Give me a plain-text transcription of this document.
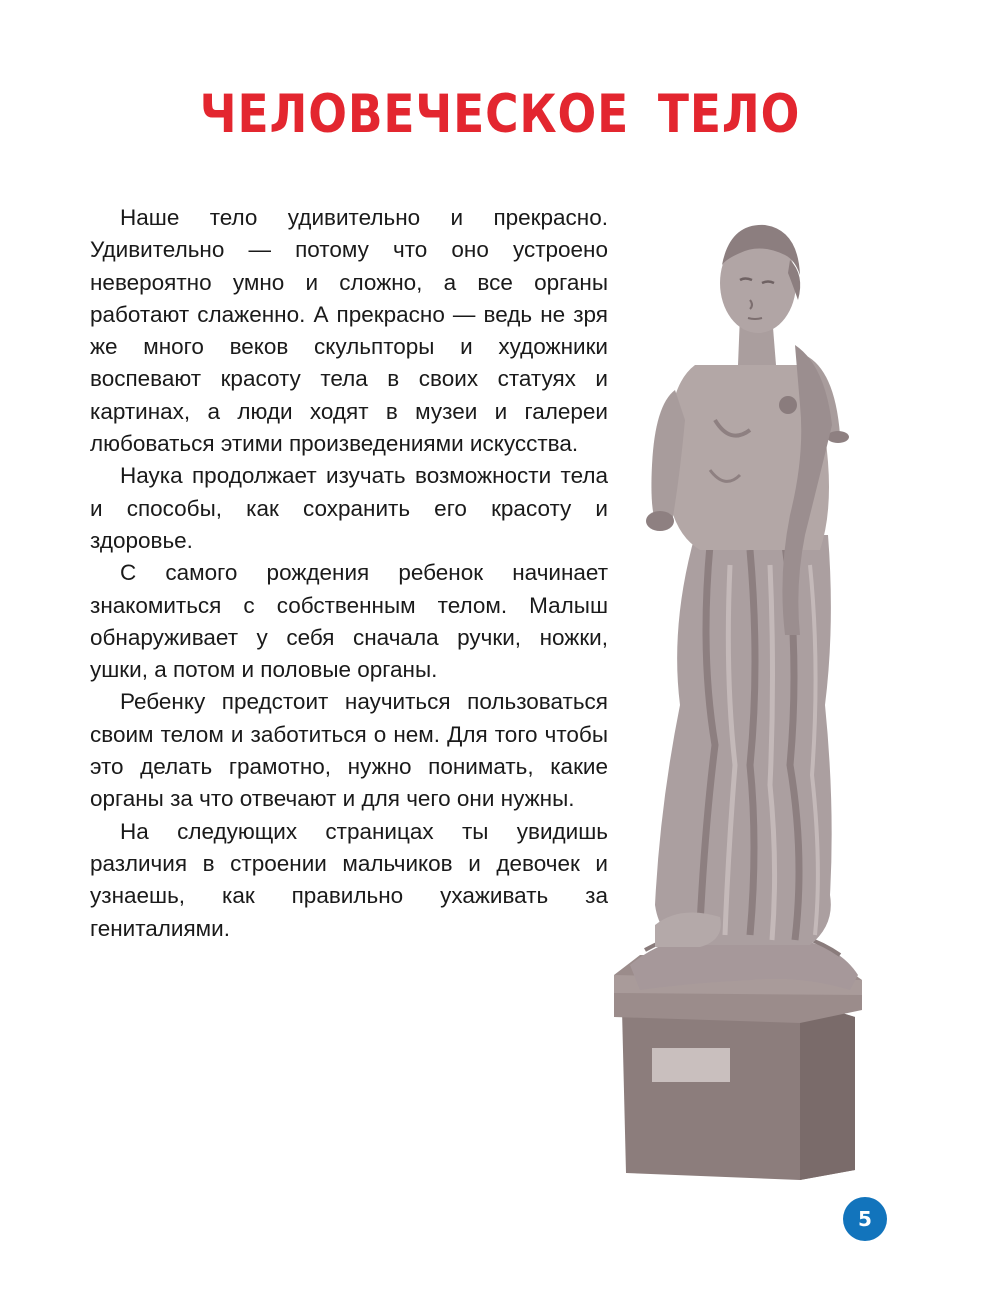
ЧЕЛОВЕЧЕСКОЕ ТЕЛО

Наше тело удивительно и прекрасно. Удивительно — потому что оно устроено невероятно умно и сложно, а все органы работают слаженно. А прекрасно — ведь не зря же много веков скульпторы и художники воспевают красоту тела в своих статуях и картинах, а люди ходят в музеи и галереи любоваться этими произведениями искусства.

Наука продолжает изучать возможности тела и способы, как сохранить его красоту и здоровье.

С самого рождения ребенок начинает знакомиться с собственным телом. Малыш обнаруживает у себя сначала ручки, ножки, ушки, а потом и половые органы.

Ребенку предстоит научиться пользоваться своим телом и заботиться о нем. Для того чтобы это делать грамотно, нужно понимать, какие органы за что отвечают и для чего они нужны.

На следующих страницах ты увидишь различия в строении мальчиков и девочек и узнаешь, как правильно ухаживать за гениталиями.

5
